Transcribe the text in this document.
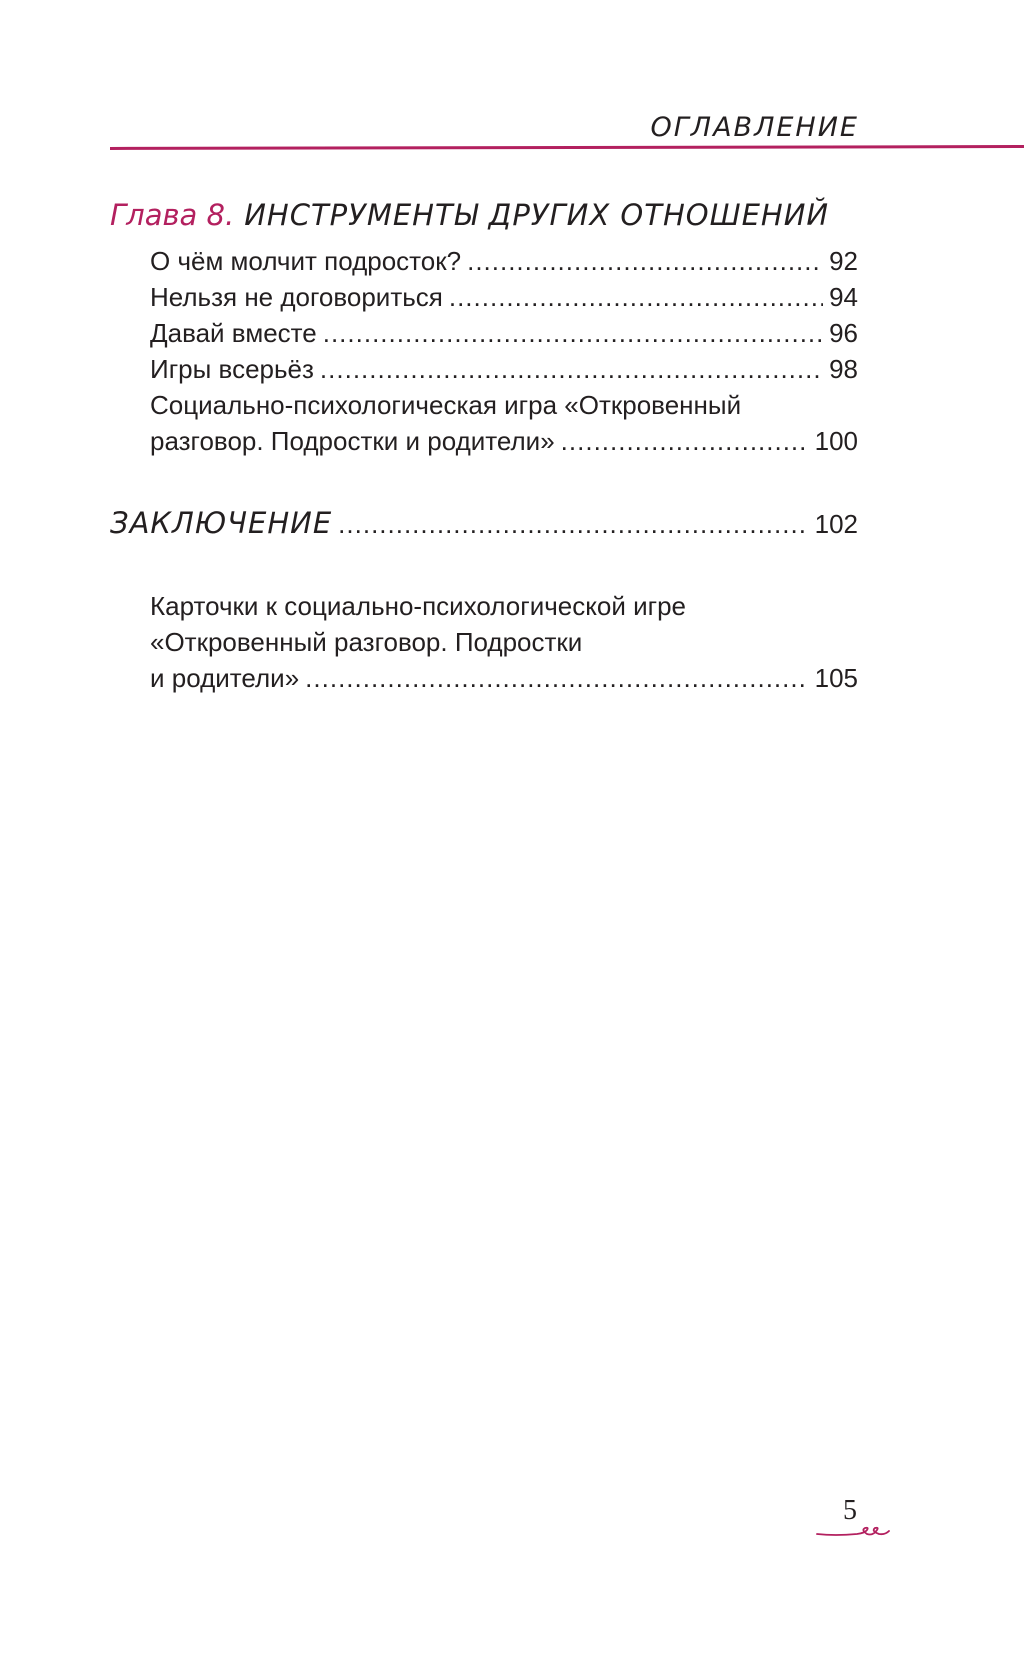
ОГЛАВЛЕНИЕ
Глава 8. ИНСТРУМЕНТЫ ДРУГИХ ОТНОШЕНИЙ
О чём молчит подросток? .....	92
Нельзя не договориться .....	94
Давай вместе .....	96
Игры всерьёз .....	98
Социально-психологическая игра «Откровенный
разговор. Подростки и родители» .....	100
ЗАКЛЮЧЕНИЕ .....	102
Карточки к социально-психологической игре
«Откровенный разговор. Подростки
и родители» .....	105
5
